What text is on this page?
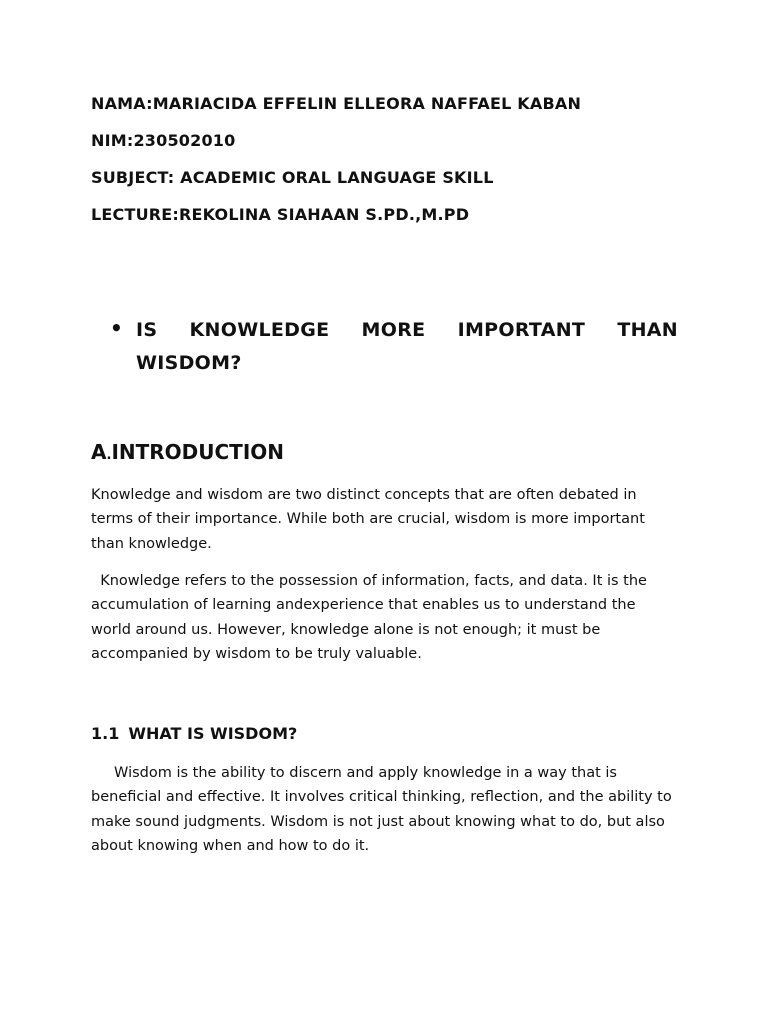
NAMA:MARIACIDA EFFELIN ELLEORA NAFFAEL KABAN
NIM:230502010
SUBJECT: ACADEMIC ORAL LANGUAGE SKILL
LECTURE:REKOLINA SIAHAAN S.PD.,M.PD
• IS KNOWLEDGE MORE IMPORTANT THAN WISDOM?
A.INTRODUCTION
Knowledge and wisdom are two distinct concepts that are often debated in
terms of their importance. While both are crucial, wisdom is more important
than knowledge.
Knowledge refers to the possession of information, facts, and data. It is the
accumulation of learning andexperience that enables us to understand the
world around us. However, knowledge alone is not enough; it must be
accompanied by wisdom to be truly valuable.
1.1 WHAT IS WISDOM?
Wisdom is the ability to discern and apply knowledge in a way that is
beneficial and effective. It involves critical thinking, reflection, and the ability to
make sound judgments. Wisdom is not just about knowing what to do, but also
about knowing when and how to do it.
